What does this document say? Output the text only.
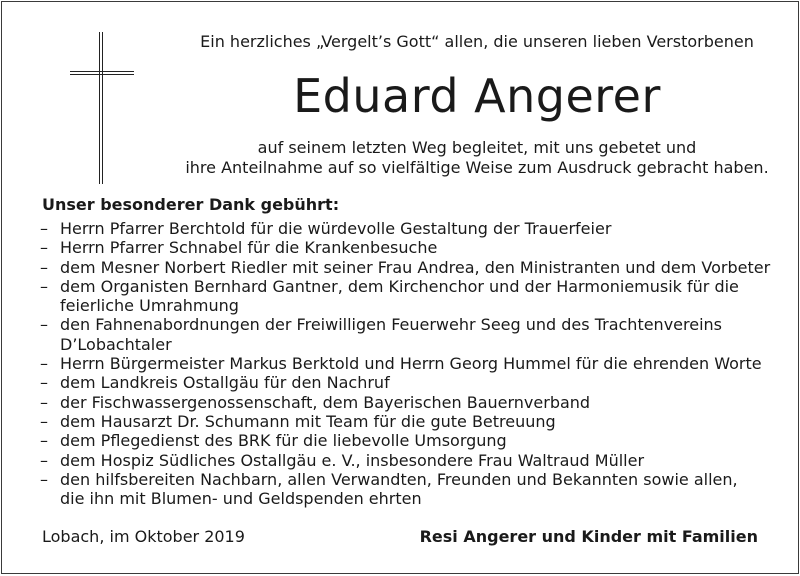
Ein herzliches „Vergelt’s Gott“ allen, die unseren lieben Verstorbenen
Eduard Angerer
auf seinem letzten Weg begleitet, mit uns gebetet und
ihre Anteilnahme auf so vielfältige Weise zum Ausdruck gebracht haben.
Unser besonderer Dank gebührt:
– Herrn Pfarrer Berchtold für die würdevolle Gestaltung der Trauerfeier
– Herrn Pfarrer Schnabel für die Krankenbesuche
– dem Mesner Norbert Riedler mit seiner Frau Andrea, den Ministranten und dem Vorbeter
– dem Organisten Bernhard Gantner, dem Kirchenchor und der Harmoniemusik für die
feierliche Umrahmung
– den Fahnenabordnungen der Freiwilligen Feuerwehr Seeg und des Trachtenvereins
D’Lobachtaler
– Herrn Bürgermeister Markus Berktold und Herrn Georg Hummel für die ehrenden Worte
– dem Landkreis Ostallgäu für den Nachruf
– der Fischwassergenossenschaft, dem Bayerischen Bauernverband
– dem Hausarzt Dr. Schumann mit Team für die gute Betreuung
– dem Pflegedienst des BRK für die liebevolle Umsorgung
– dem Hospiz Südliches Ostallgäu e. V., insbesondere Frau Waltraud Müller
– den hilfsbereiten Nachbarn, allen Verwandten, Freunden und Bekannten sowie allen,
die ihn mit Blumen- und Geldspenden ehrten
Lobach, im Oktober 2019	Resi Angerer und Kinder mit Familien
